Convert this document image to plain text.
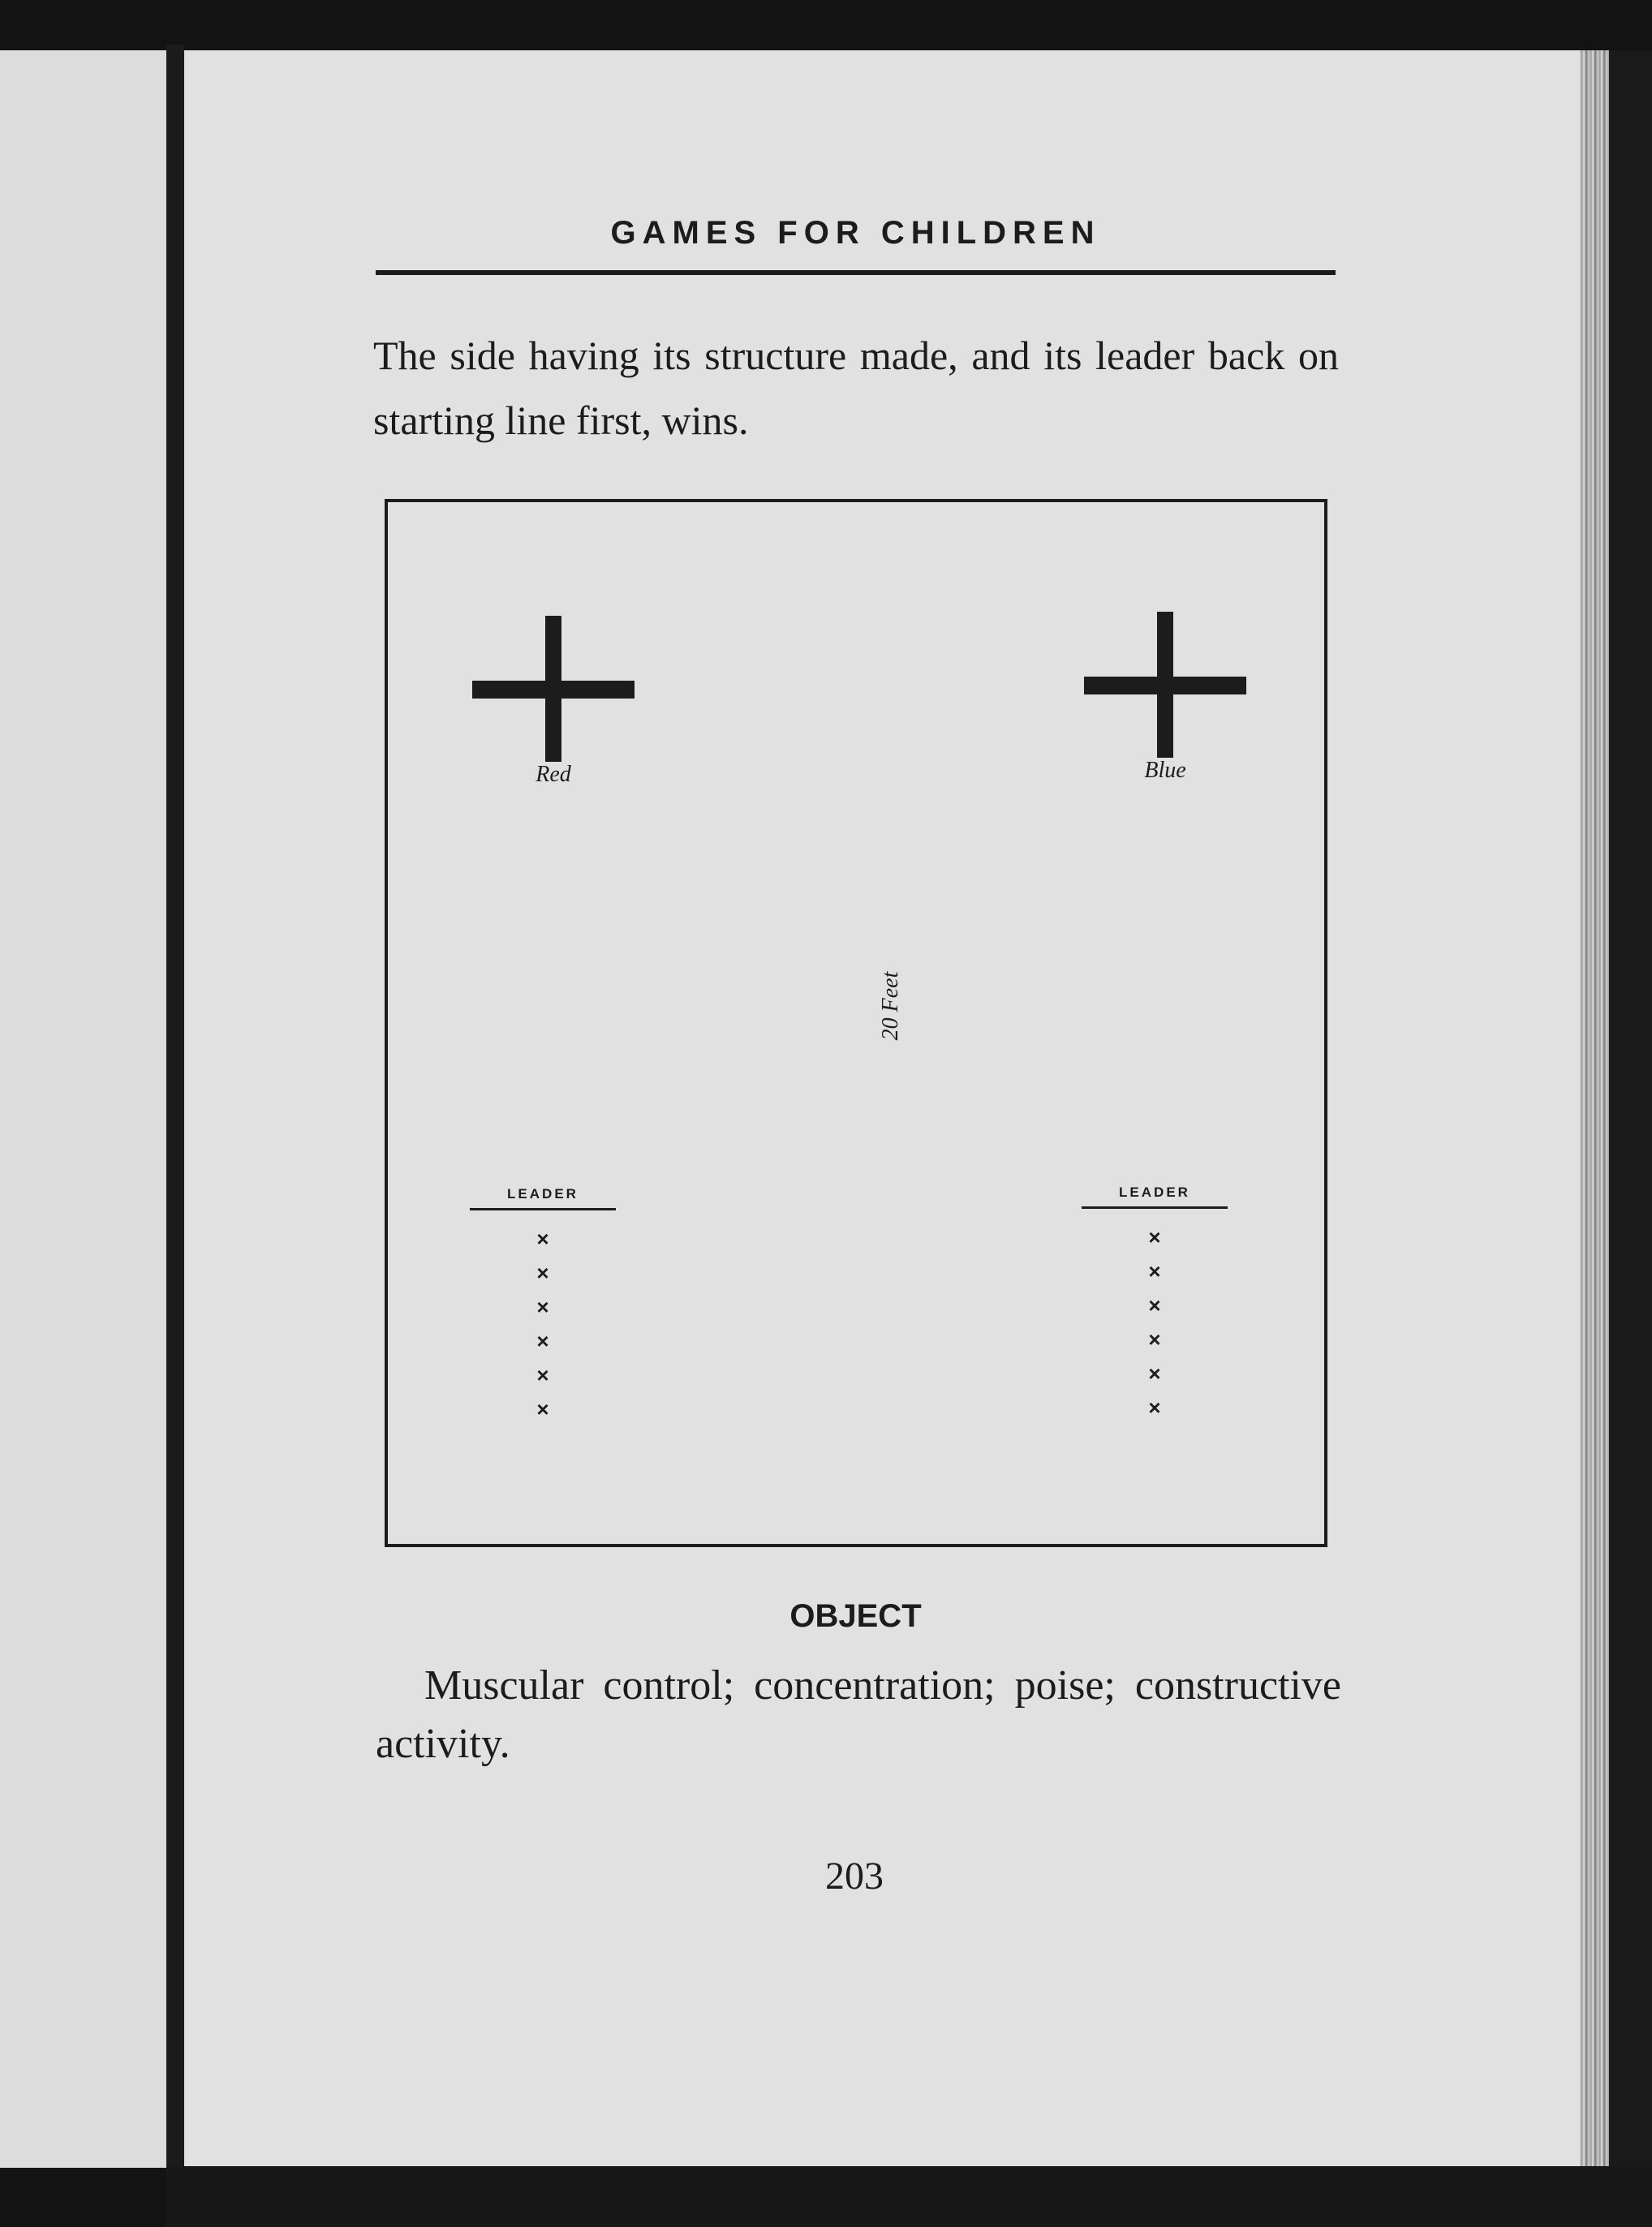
GAMES FOR CHILDREN

The side having its structure made, and its leader back on starting line first, wins.

Red	Blue
20 Feet
LEADER
×
×
×
×
×
×
LEADER
×
×
×
×
×
×
OBJECT

Muscular control; concentration; poise; constructive activity.

203
